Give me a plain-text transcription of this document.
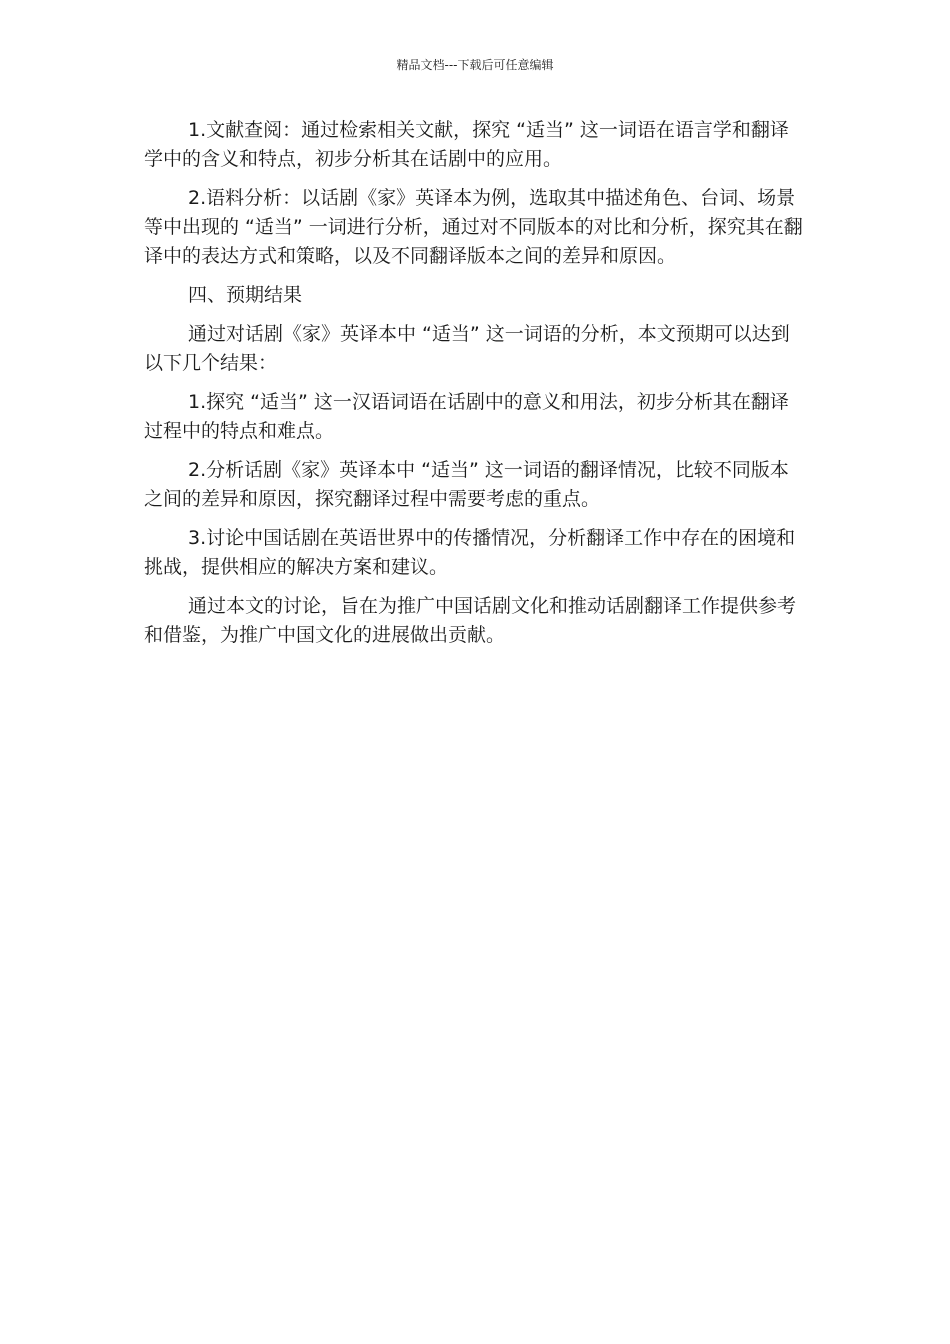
精品文档---下载后可任意编辑

1.文献查阅：通过检索相关文献，探究 “适当” 这一词语在语言学和翻译学中的含义和特点，初步分析其在话剧中的应用。

2.语料分析：以话剧《家》英译本为例，选取其中描述角色、台词、场景等中出现的 “适当” 一词进行分析，通过对不同版本的对比和分析，探究其在翻译中的表达方式和策略，以及不同翻译版本之间的差异和原因。

四、预期结果

通过对话剧《家》英译本中 “适当” 这一词语的分析，本文预期可以达到以下几个结果：

1.探究 “适当” 这一汉语词语在话剧中的意义和用法，初步分析其在翻译过程中的特点和难点。

2.分析话剧《家》英译本中 “适当” 这一词语的翻译情况，比较不同版本之间的差异和原因，探究翻译过程中需要考虑的重点。

3.讨论中国话剧在英语世界中的传播情况，分析翻译工作中存在的困境和挑战，提供相应的解决方案和建议。

通过本文的讨论，旨在为推广中国话剧文化和推动话剧翻译工作提供参考和借鉴，为推广中国文化的进展做出贡献。
